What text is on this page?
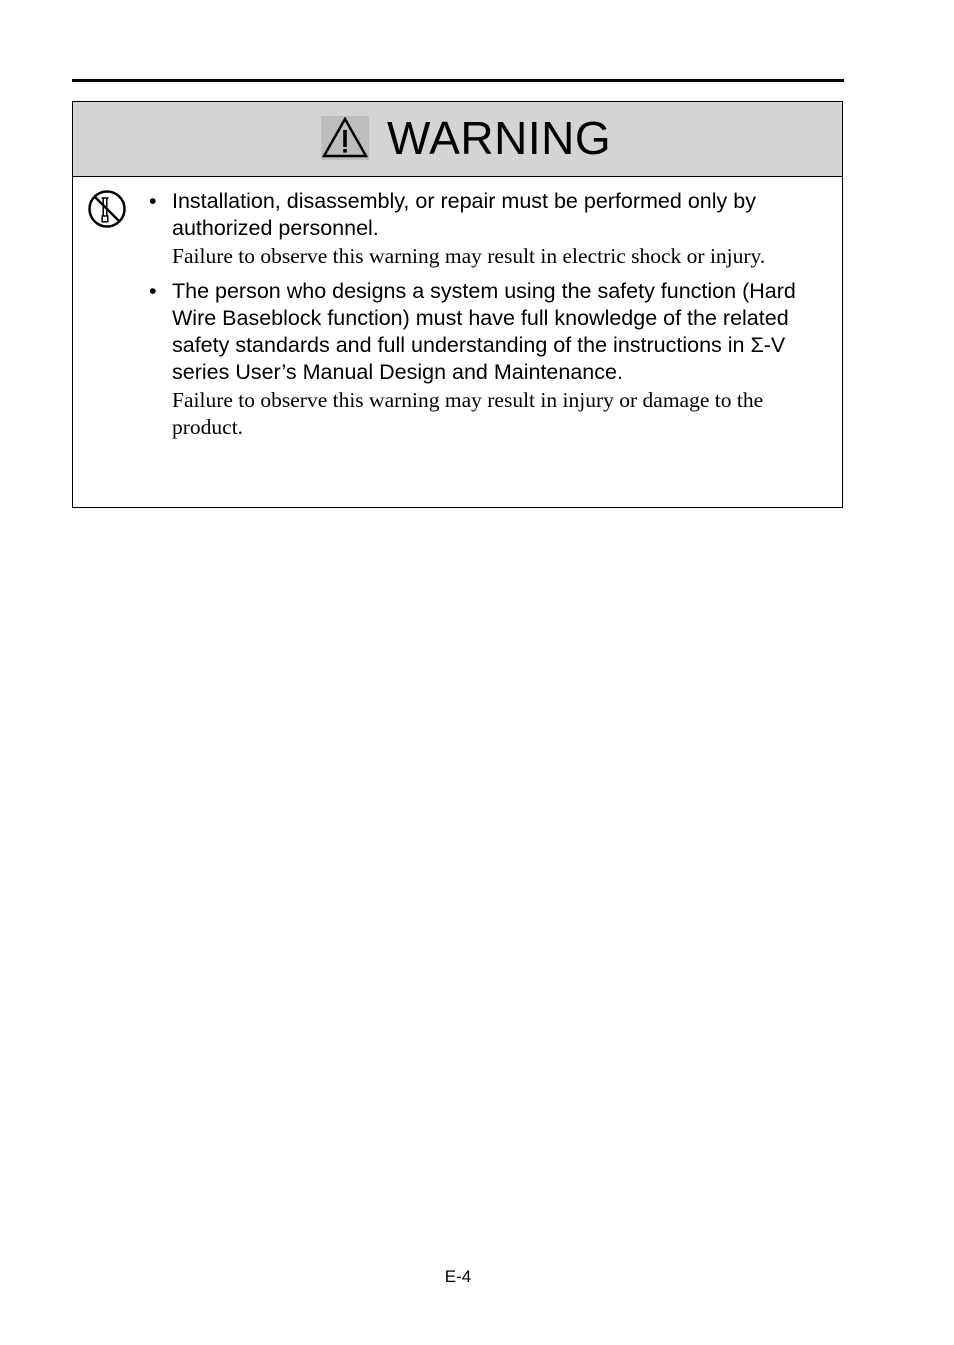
WARNING
• Installation, disassembly, or repair must be performed only by authorized personnel.
Failure to observe this warning may result in electric shock or injury.
• The person who designs a system using the safety function (Hard Wire Baseblock function) must have full knowledge of the related safety standards and full understanding of the instructions in Σ-V series User’s Manual Design and Maintenance.
Failure to observe this warning may result in injury or damage to the product.
E-4
